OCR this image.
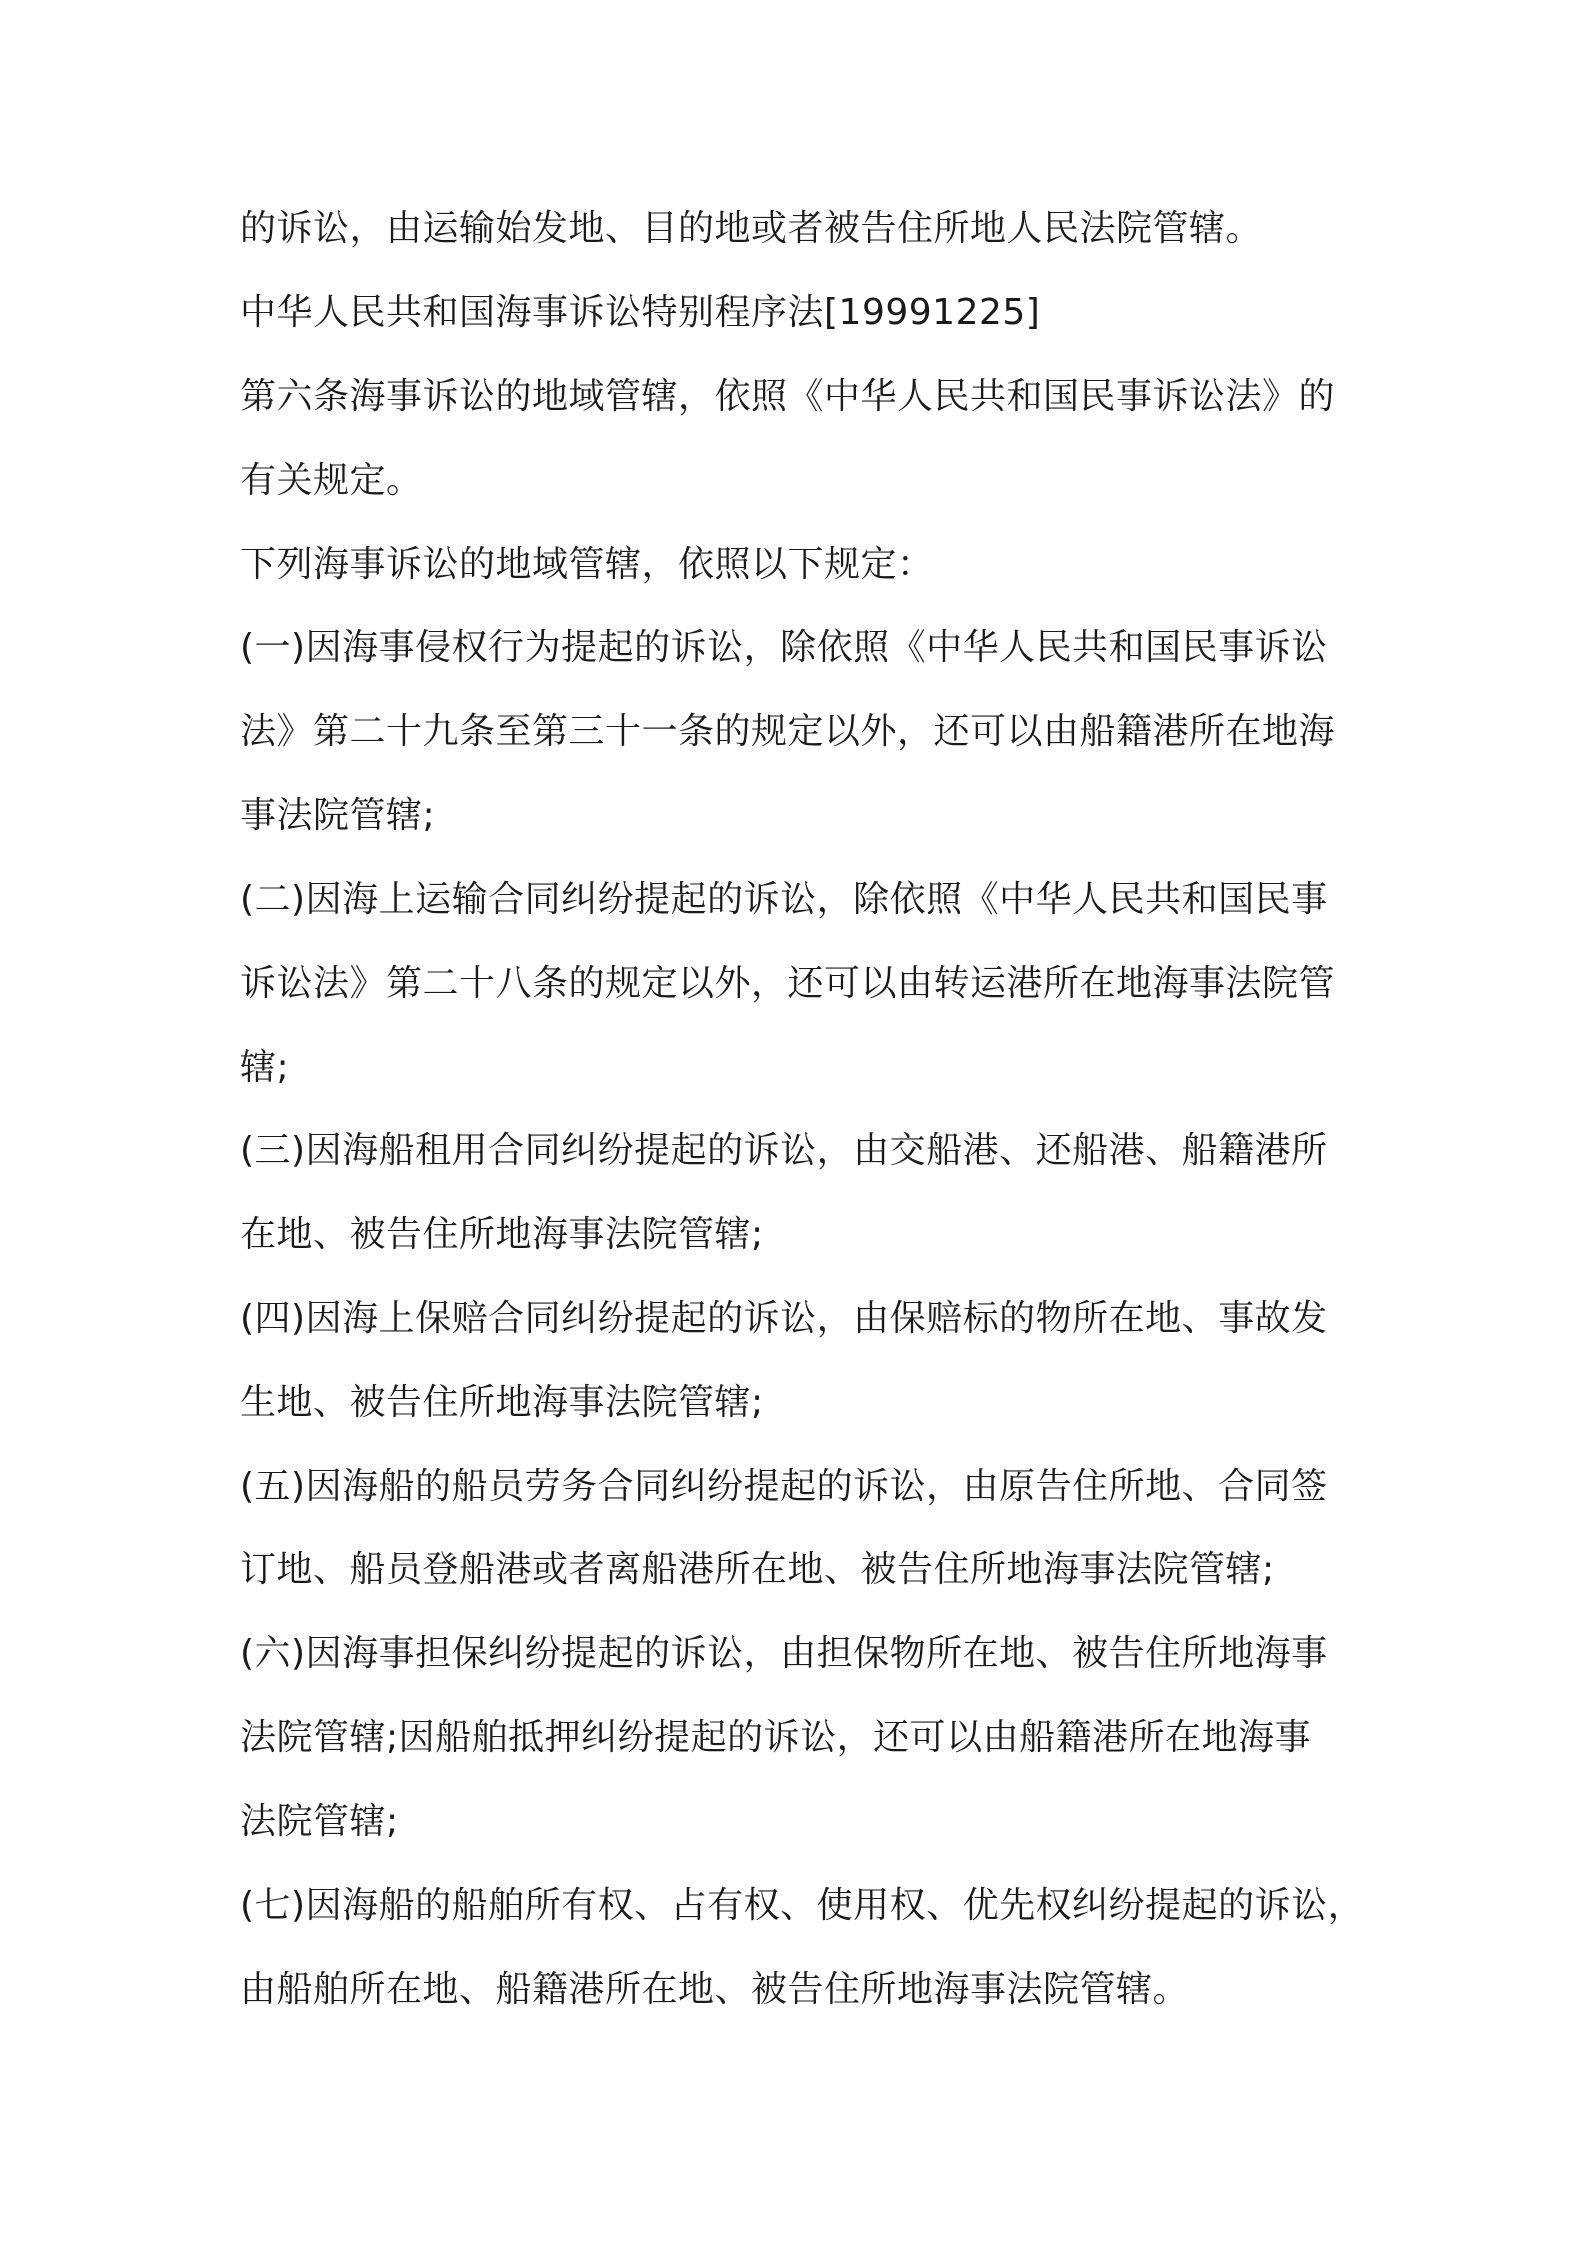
的诉讼，由运输始发地、目的地或者被告住所地人民法院管辖。

中华人民共和国海事诉讼特别程序法[19991225]

第六条海事诉讼的地域管辖，依照《中华人民共和国民事诉讼法》的

有关规定。

下列海事诉讼的地域管辖，依照以下规定：

(一)因海事侵权行为提起的诉讼，除依照《中华人民共和国民事诉讼

法》第二十九条至第三十一条的规定以外，还可以由船籍港所在地海

事法院管辖;

(二)因海上运输合同纠纷提起的诉讼，除依照《中华人民共和国民事

诉讼法》第二十八条的规定以外，还可以由转运港所在地海事法院管

辖;

(三)因海船租用合同纠纷提起的诉讼，由交船港、还船港、船籍港所

在地、被告住所地海事法院管辖;

(四)因海上保赔合同纠纷提起的诉讼，由保赔标的物所在地、事故发

生地、被告住所地海事法院管辖;

(五)因海船的船员劳务合同纠纷提起的诉讼，由原告住所地、合同签

订地、船员登船港或者离船港所在地、被告住所地海事法院管辖;

(六)因海事担保纠纷提起的诉讼，由担保物所在地、被告住所地海事

法院管辖;因船舶抵押纠纷提起的诉讼，还可以由船籍港所在地海事

法院管辖;

(七)因海船的船舶所有权、占有权、使用权、优先权纠纷提起的诉讼，

由船舶所在地、船籍港所在地、被告住所地海事法院管辖。
